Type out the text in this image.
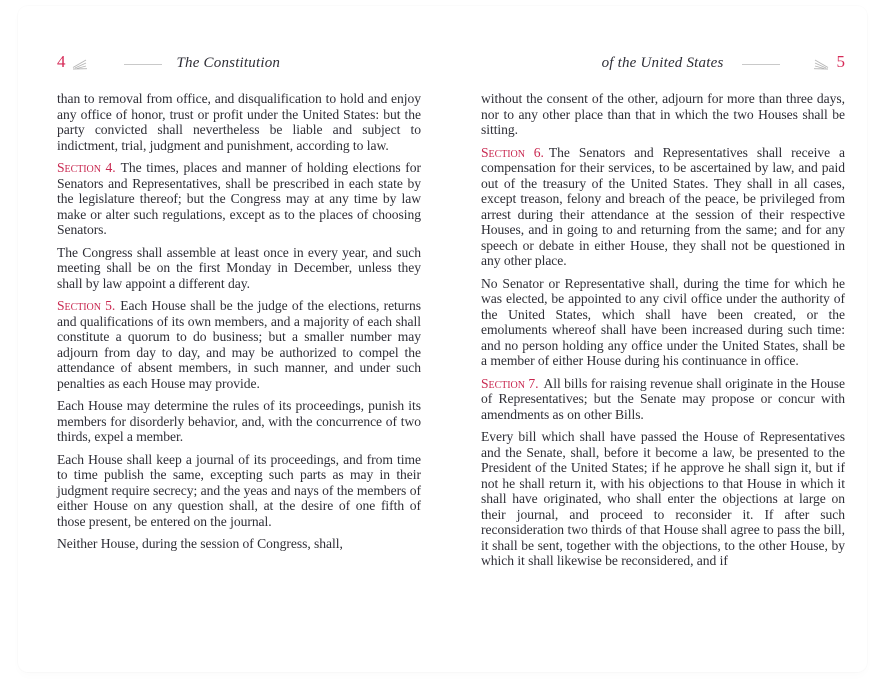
4	The Constitution

than to removal from office, and disqualification to hold and enjoy any office of honor, trust or profit under the United States: but the party convicted shall nevertheless be liable and subject to indictment, trial, judgment and punishment, according to law.

Section 4. The times, places and manner of holding elections for Senators and Representatives, shall be prescribed in each state by the legislature thereof; but the Congress may at any time by law make or alter such regulations, except as to the places of choosing Senators.

The Congress shall assemble at least once in every year, and such meeting shall be on the first Monday in December, unless they shall by law appoint a different day.

Section 5. Each House shall be the judge of the elections, returns and qualifications of its own members, and a majority of each shall constitute a quorum to do business; but a smaller number may adjourn from day to day, and may be authorized to compel the attendance of absent members, in such manner, and under such penalties as each House may provide.

Each House may determine the rules of its proceedings, punish its members for disorderly behavior, and, with the concurrence of two thirds, expel a member.

Each House shall keep a journal of its proceedings, and from time to time publish the same, excepting such parts as may in their judgment require secrecy; and the yeas and nays of the members of either House on any question shall, at the desire of one fifth of those present, be entered on the journal.

Neither House, during the session of Congress, shall,

of the United States	5

without the consent of the other, adjourn for more than three days, nor to any other place than that in which the two Houses shall be sitting.

Section 6. The Senators and Representatives shall receive a compensation for their services, to be ascertained by law, and paid out of the treasury of the United States. They shall in all cases, except treason, felony and breach of the peace, be privileged from arrest during their attendance at the session of their respective Houses, and in going to and returning from the same; and for any speech or debate in either House, they shall not be questioned in any other place.

No Senator or Representative shall, during the time for which he was elected, be appointed to any civil office under the authority of the United States, which shall have been created, or the emoluments whereof shall have been increased during such time: and no person holding any office under the United States, shall be a member of either House during his continuance in office.

Section 7. All bills for raising revenue shall originate in the House of Representatives; but the Senate may propose or concur with amendments as on other Bills.

Every bill which shall have passed the House of Representatives and the Senate, shall, before it become a law, be presented to the President of the United States; if he approve he shall sign it, but if not he shall return it, with his objections to that House in which it shall have originated, who shall enter the objections at large on their journal, and proceed to reconsider it. If after such reconsideration two thirds of that House shall agree to pass the bill, it shall be sent, together with the objections, to the other House, by which it shall likewise be reconsidered, and if
